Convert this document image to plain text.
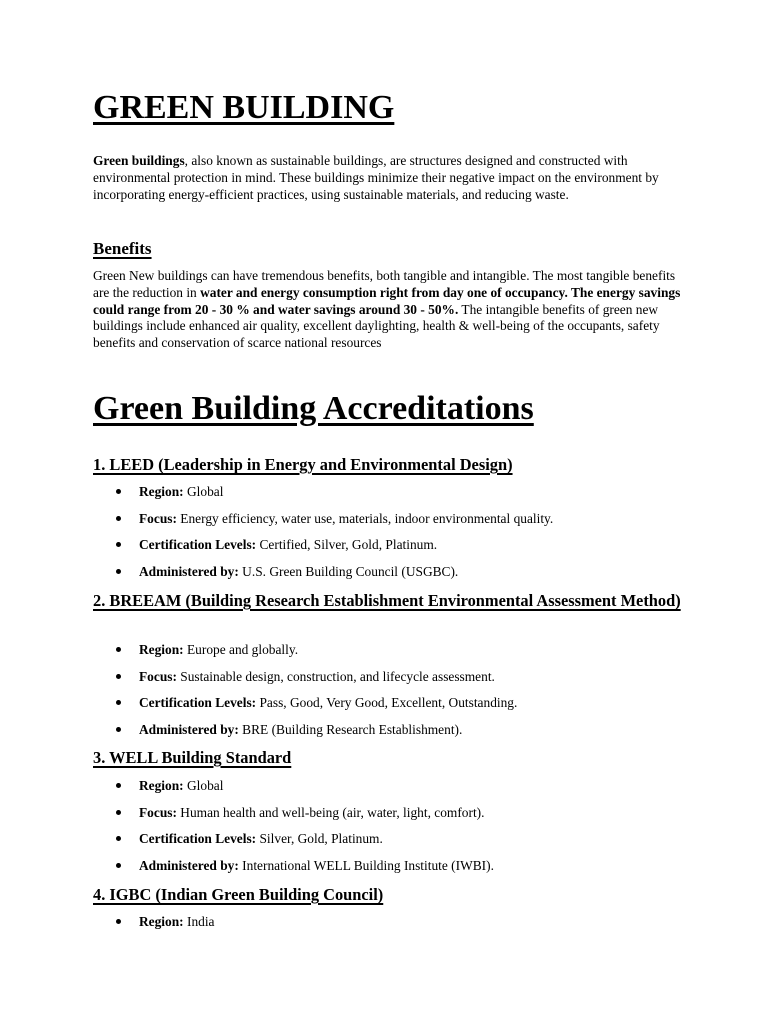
GREEN BUILDING

Green buildings, also known as sustainable buildings, are structures designed and constructed with environmental protection in mind. These buildings minimize their negative impact on the environment by incorporating energy-efficient practices, using sustainable materials, and reducing waste.

Benefits

Green New buildings can have tremendous benefits, both tangible and intangible. The most tangible benefits are the reduction in water and energy consumption right from day one of occupancy. The energy savings could range from 20 - 30 % and water savings around 30 - 50%. The intangible benefits of green new buildings include enhanced air quality, excellent daylighting, health & well-being of the occupants, safety benefits and conservation of scarce national resources

Green Building Accreditations
1. LEED (Leadership in Energy and Environmental Design)
Region: Global
Focus: Energy efficiency, water use, materials, indoor environmental quality.
Certification Levels: Certified, Silver, Gold, Platinum.
Administered by: U.S. Green Building Council (USGBC).
2. BREEAM (Building Research Establishment Environmental Assessment Method)
Region: Europe and globally.
Focus: Sustainable design, construction, and lifecycle assessment.
Certification Levels: Pass, Good, Very Good, Excellent, Outstanding.
Administered by: BRE (Building Research Establishment).
3. WELL Building Standard
Region: Global
Focus: Human health and well-being (air, water, light, comfort).
Certification Levels: Silver, Gold, Platinum.
Administered by: International WELL Building Institute (IWBI).
4. IGBC (Indian Green Building Council)
Region: India
